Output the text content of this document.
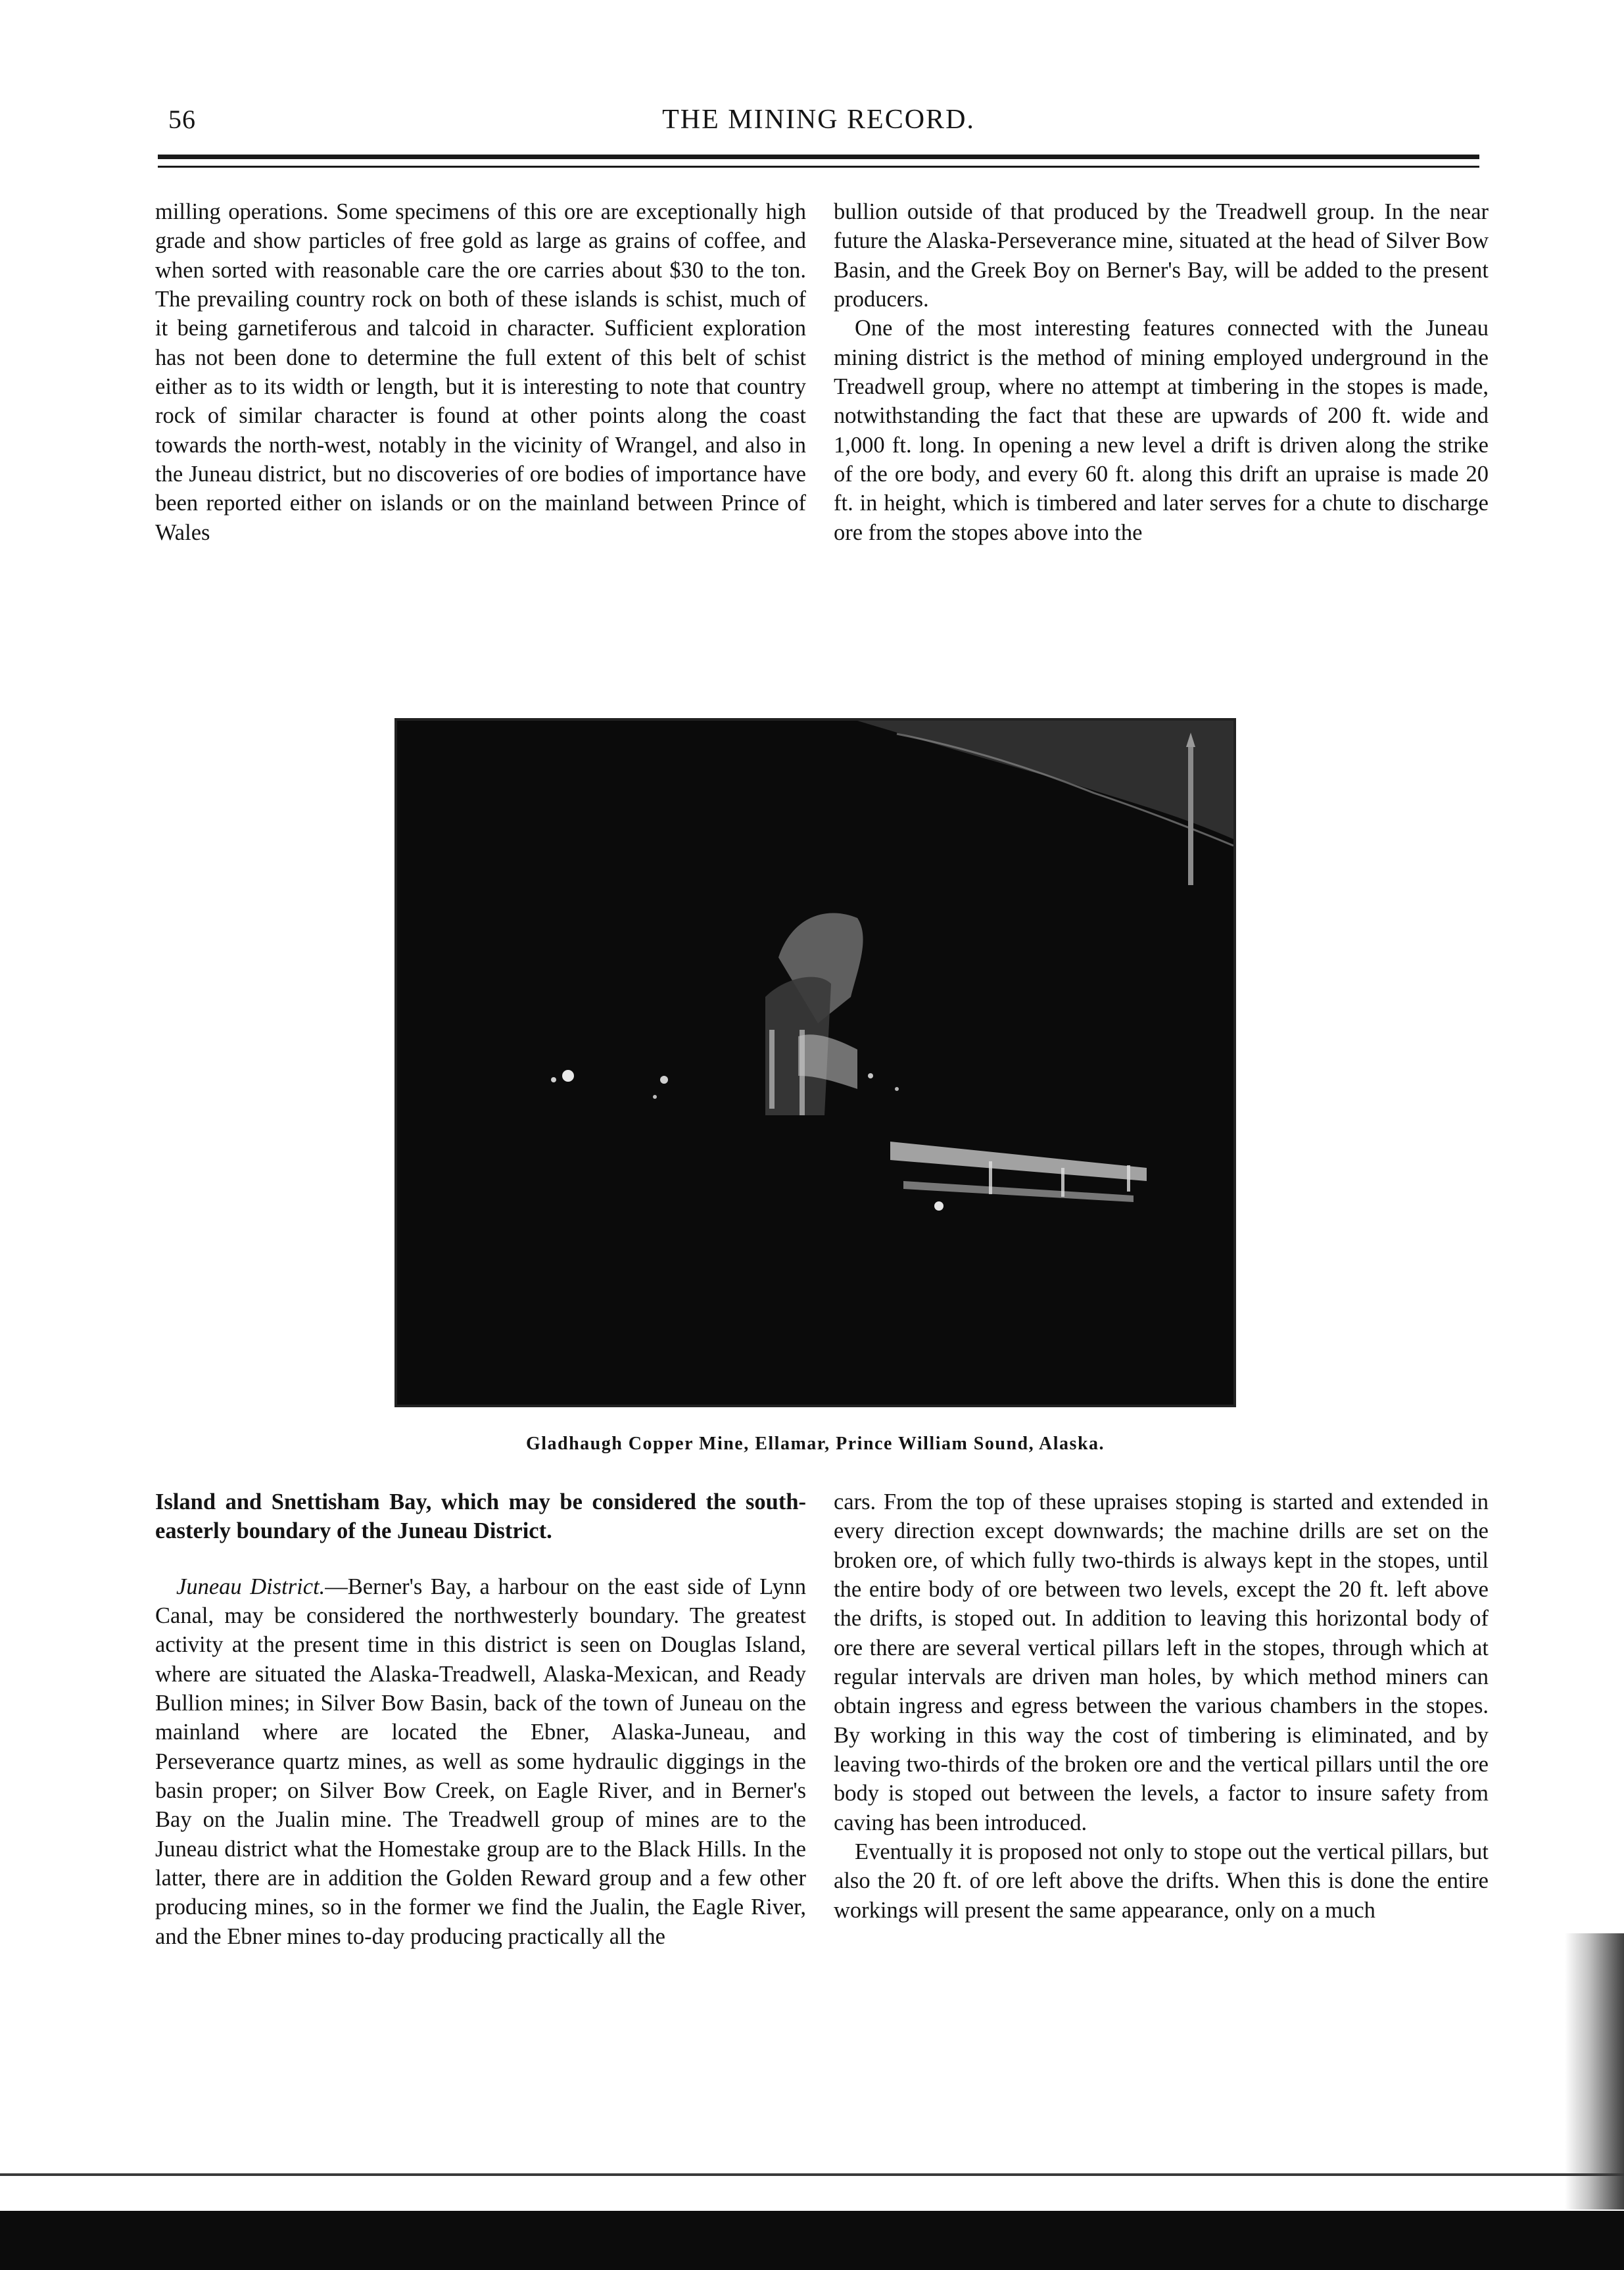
56	THE MINING RECORD.

milling operations. Some specimens of this ore are exceptionally high grade and show particles of free gold as large as grains of coffee, and when sorted with reasonable care the ore carries about $30 to the ton. The prevailing country rock on both of these islands is schist, much of it being garnetiferous and talcoid in character. Sufficient exploration has not been done to determine the full extent of this belt of schist either as to its width or length, but it is interesting to note that country rock of similar character is found at other points along the coast towards the north-west, notably in the vicinity of Wrangel, and also in the Juneau district, but no discoveries of ore bodies of importance have been reported either on islands or on the mainland between Prince of Wales

bullion outside of that produced by the Treadwell group. In the near future the Alaska-Perseverance mine, situated at the head of Silver Bow Basin, and the Greek Boy on Berner's Bay, will be added to the present producers.

One of the most interesting features connected with the Juneau mining district is the method of mining employed underground in the Treadwell group, where no attempt at timbering in the stopes is made, notwithstanding the fact that these are upwards of 200 ft. wide and 1,000 ft. long. In opening a new level a drift is driven along the strike of the ore body, and every 60 ft. along this drift an upraise is made 20 ft. in height, which is timbered and later serves for a chute to discharge ore from the stopes above into the

Gladhaugh Copper Mine, Ellamar, Prince William Sound, Alaska.

Island and Snettisham Bay, which may be considered the south-easterly boundary of the Juneau District.

Juneau District.—Berner's Bay, a harbour on the east side of Lynn Canal, may be considered the northwesterly boundary. The greatest activity at the present time in this district is seen on Douglas Island, where are situated the Alaska-Treadwell, Alaska-Mexican, and Ready Bullion mines; in Silver Bow Basin, back of the town of Juneau on the mainland where are located the Ebner, Alaska-Juneau, and Perseverance quartz mines, as well as some hydraulic diggings in the basin proper; on Silver Bow Creek, on Eagle River, and in Berner's Bay on the Jualin mine. The Treadwell group of mines are to the Juneau district what the Homestake group are to the Black Hills. In the latter, there are in addition the Golden Reward group and a few other producing mines, so in the former we find the Jualin, the Eagle River, and the Ebner mines to-day producing practically all the

cars. From the top of these upraises stoping is started and extended in every direction except downwards; the machine drills are set on the broken ore, of which fully two-thirds is always kept in the stopes, until the entire body of ore between two levels, except the 20 ft. left above the drifts, is stoped out. In addition to leaving this horizontal body of ore there are several vertical pillars left in the stopes, through which at regular intervals are driven man holes, by which method miners can obtain ingress and egress between the various chambers in the stopes. By working in this way the cost of timbering is eliminated, and by leaving two-thirds of the broken ore and the vertical pillars until the ore body is stoped out between the levels, a factor to insure safety from caving has been introduced.

Eventually it is proposed not only to stope out the vertical pillars, but also the 20 ft. of ore left above the drifts. When this is done the entire workings will present the same appearance, only on a much
